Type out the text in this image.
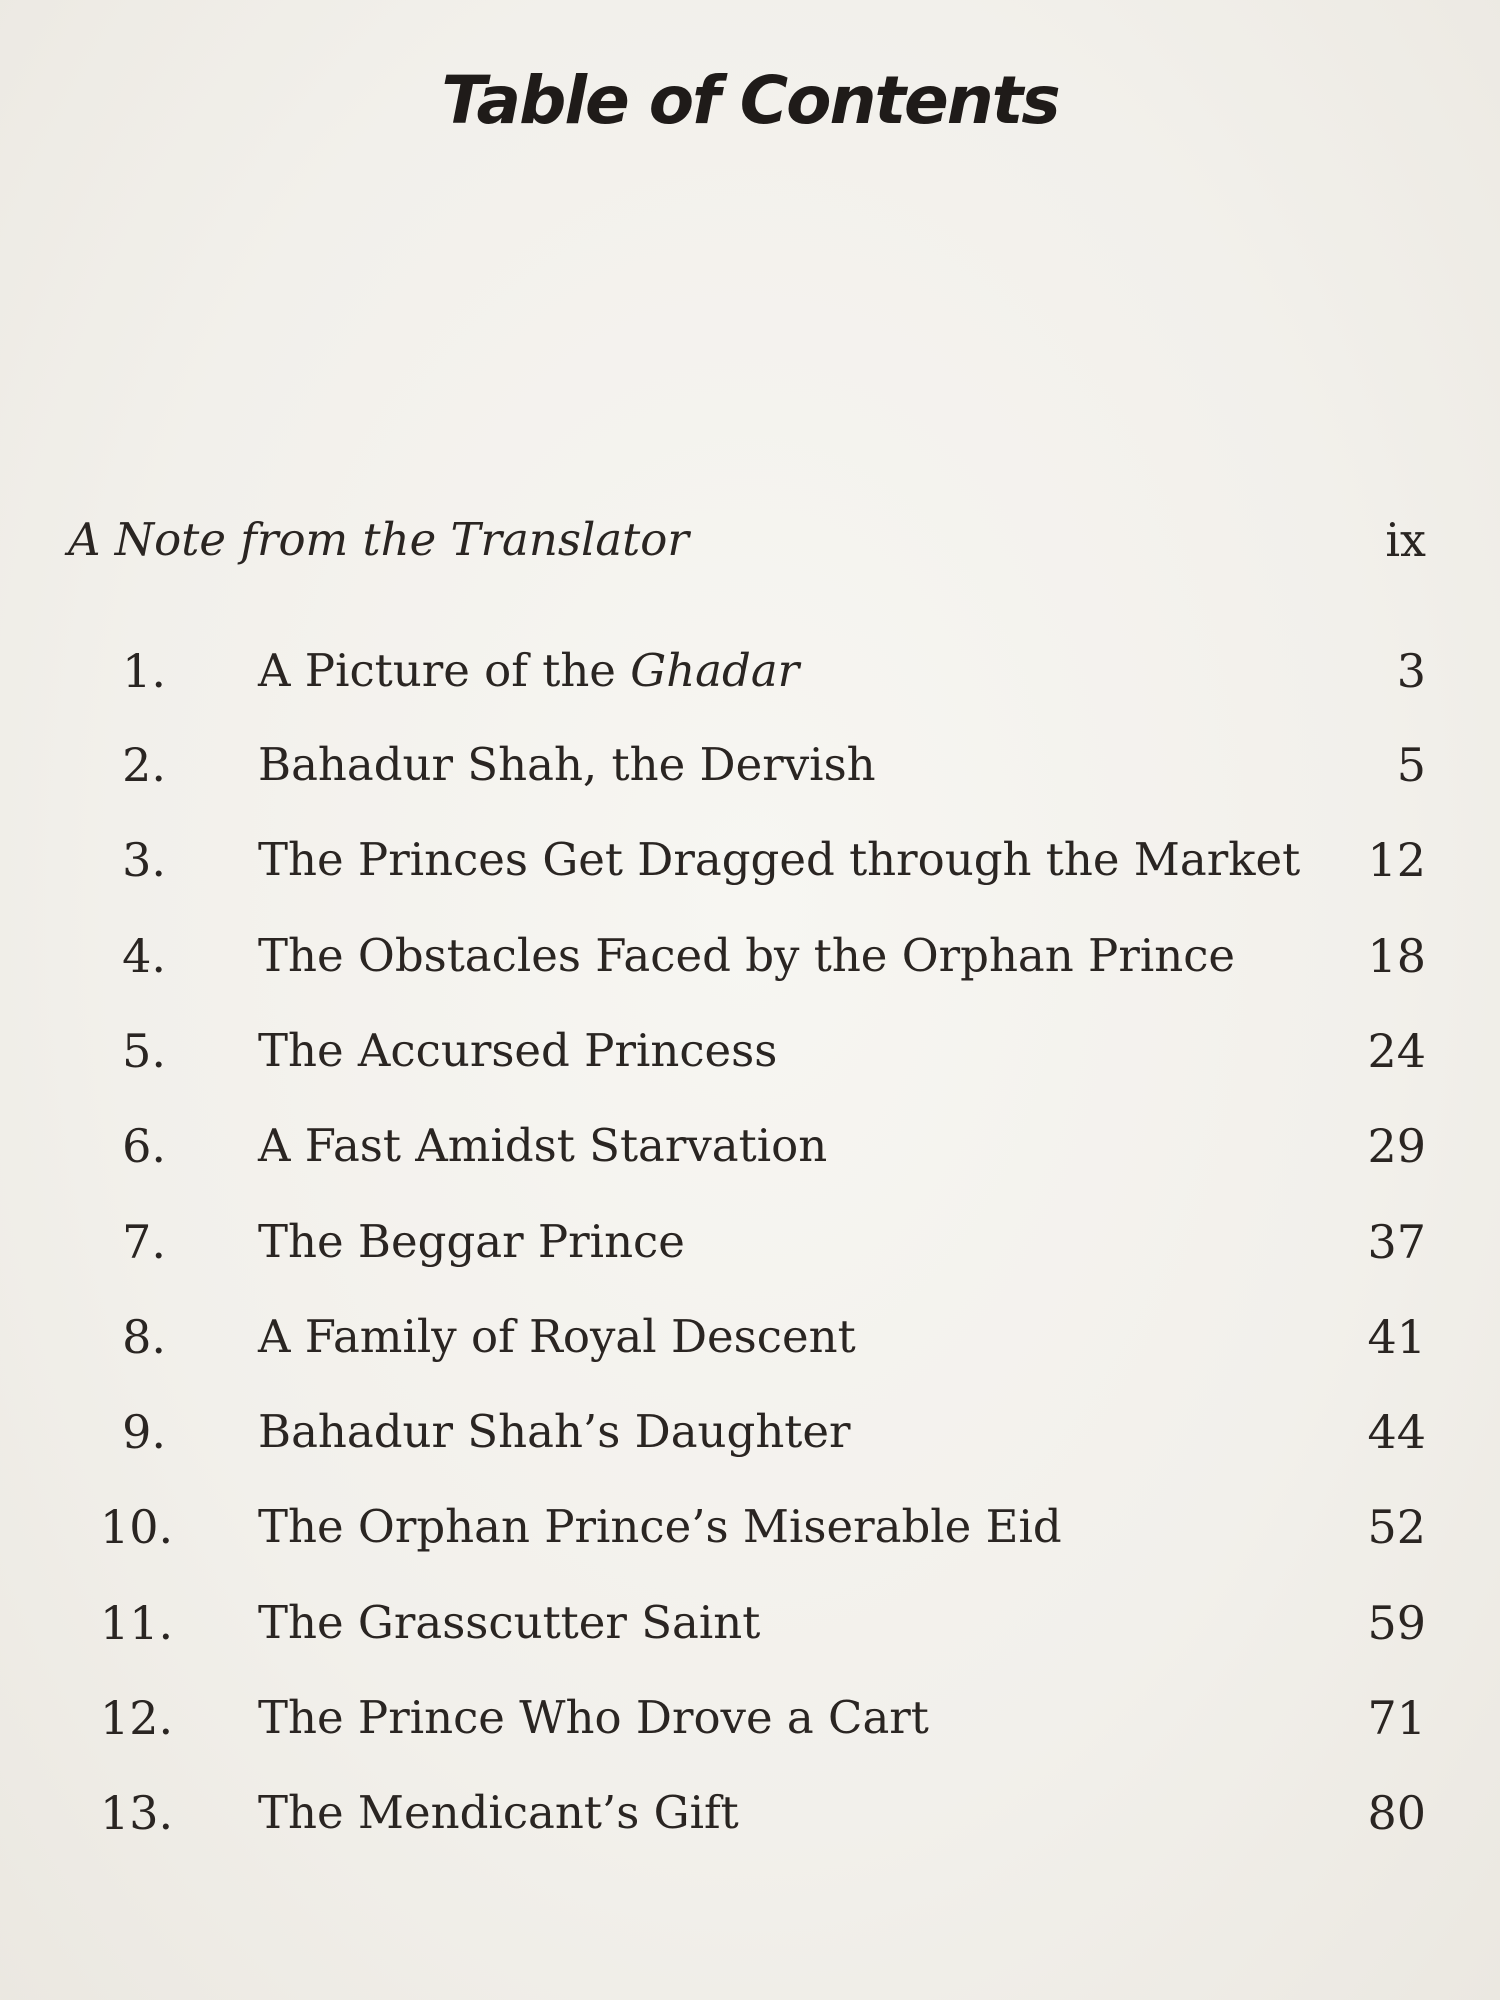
Table of Contents
A Note from the Translator	ix
1. A Picture of the Ghadar	3
2. Bahadur Shah, the Dervish	5
3. The Princes Get Dragged through the Market 12
4. The Obstacles Faced by the Orphan Prince	18
5. The Accursed Princess	24
6. A Fast Amidst Starvation	29
7. The Beggar Prince	37
8. A Family of Royal Descent	41
9. Bahadur Shah’s Daughter	44
10. The Orphan Prince’s Miserable Eid	52
11. The Grasscutter Saint	59
12. The Prince Who Drove a Cart	71
13. The Mendicant’s Gift	80
